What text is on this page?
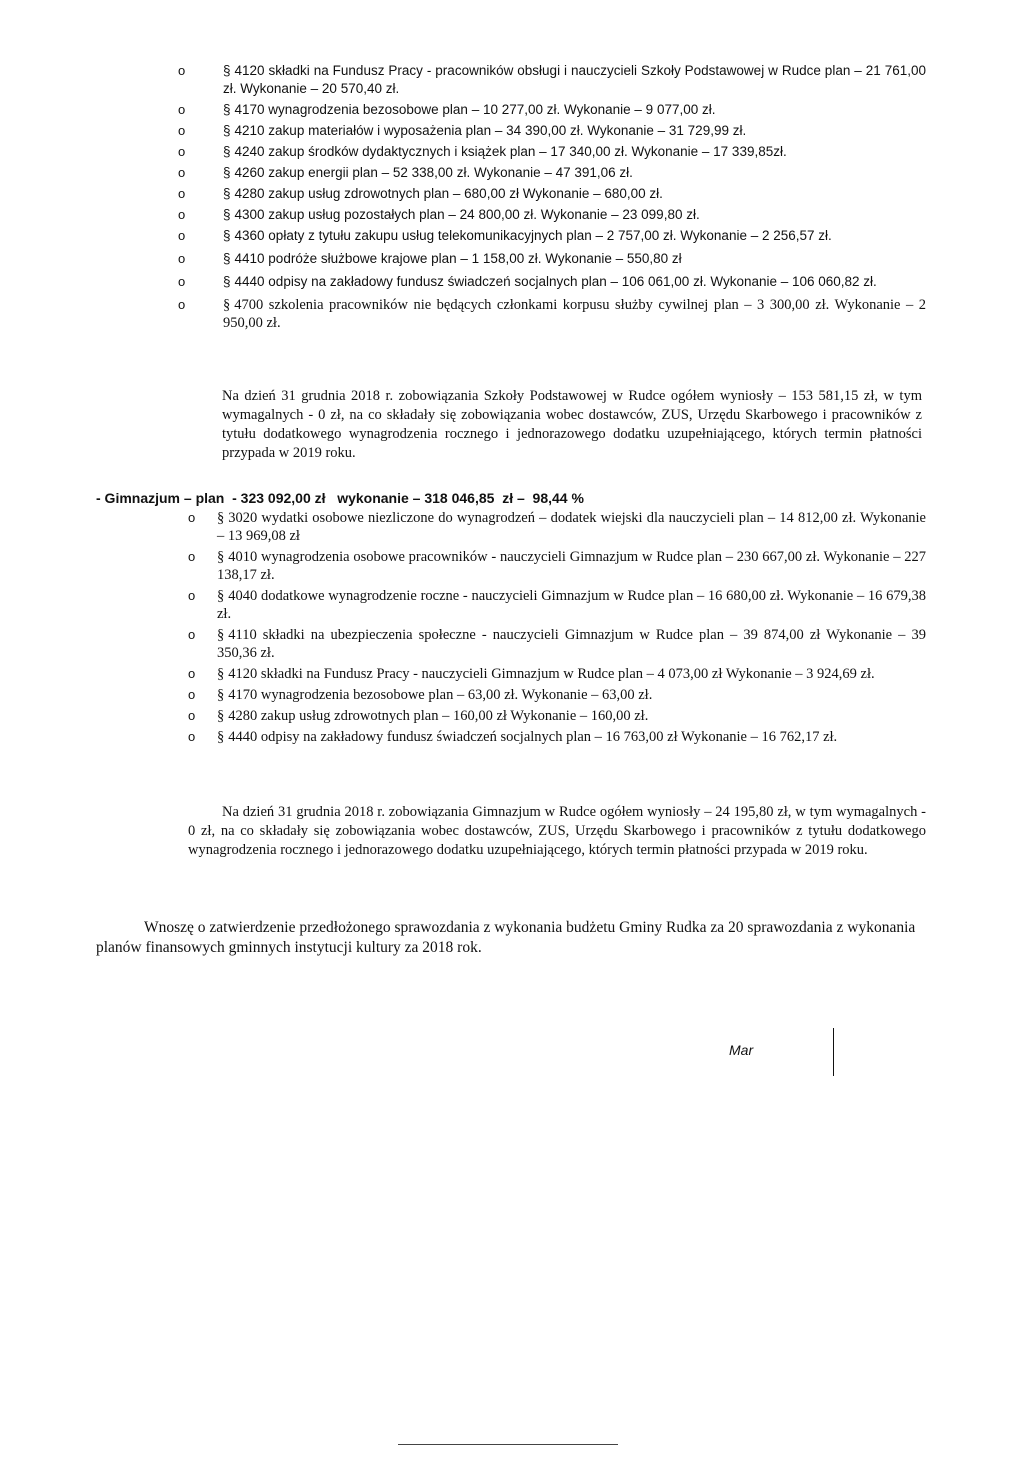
o	§ 4120 składki na Fundusz Pracy - pracowników obsługi i nauczycieli Szkoły Podstawowej w Rudce plan – 21 761,00 zł. Wykonanie – 20 570,40 zł.
o	§ 4170 wynagrodzenia bezosobowe plan – 10 277,00 zł. Wykonanie – 9 077,00 zł.
o	§ 4210 zakup materiałów i wyposażenia plan – 34 390,00 zł. Wykonanie – 31 729,99 zł.
o	§ 4240 zakup środków dydaktycznych i książek plan – 17 340,00 zł. Wykonanie – 17 339,85zł.
o	§ 4260 zakup energii plan – 52 338,00 zł. Wykonanie – 47 391,06 zł.
o	§ 4280 zakup usług zdrowotnych plan – 680,00 zł Wykonanie – 680,00 zł.
o	§ 4300 zakup usług pozostałych plan – 24 800,00 zł. Wykonanie – 23 099,80 zł.
o	§ 4360 opłaty z tytułu zakupu usług telekomunikacyjnych plan – 2 757,00 zł. Wykonanie – 2 256,57 zł.
o	§ 4410 podróże służbowe krajowe plan – 1 158,00 zł. Wykonanie – 550,80 zł
o	§ 4440 odpisy na zakładowy fundusz świadczeń socjalnych plan – 106 061,00 zł. Wykonanie – 106 060,82 zł.
o	§ 4700 szkolenia pracowników nie będących członkami korpusu służby cywilnej plan – 3 300,00 zł. Wykonanie – 2 950,00 zł.

Na dzień 31 grudnia 2018 r. zobowiązania Szkoły Podstawowej w Rudce ogółem wyniosły – 153 581,15 zł, w tym wymagalnych - 0 zł, na co składały się zobowiązania wobec dostawców, ZUS, Urzędu Skarbowego i pracowników z tytułu dodatkowego wynagrodzenia rocznego i jednorazowego dodatku uzupełniającego, których termin płatności przypada w 2019 roku.

- Gimnazjum – plan  - 323 092,00 zł   wykonanie – 318 046,85  zł –  98,44 %
o § 3020 wydatki osobowe niezliczone do wynagrodzeń – dodatek wiejski dla nauczycieli plan – 14 812,00 zł. Wykonanie – 13 969,08 zł
o § 4010 wynagrodzenia osobowe pracowników - nauczycieli Gimnazjum w Rudce plan – 230 667,00 zł. Wykonanie – 227 138,17 zł.
o § 4040 dodatkowe wynagrodzenie roczne - nauczycieli Gimnazjum w Rudce plan – 16 680,00 zł. Wykonanie – 16 679,38 zł.
o § 4110 składki na ubezpieczenia społeczne - nauczycieli Gimnazjum w Rudce plan – 39 874,00 zł Wykonanie – 39 350,36 zł.
o § 4120 składki na Fundusz Pracy - nauczycieli Gimnazjum w Rudce plan – 4 073,00 zł Wykonanie – 3 924,69 zł.
o § 4170 wynagrodzenia bezosobowe plan – 63,00 zł. Wykonanie – 63,00 zł.
o § 4280 zakup usług zdrowotnych plan – 160,00 zł Wykonanie – 160,00 zł.
o	§ 4440 odpisy na zakładowy fundusz świadczeń socjalnych plan – 16 763,00 zł Wykonanie – 16 762,17 zł.

Na dzień 31 grudnia 2018 r. zobowiązania Gimnazjum w Rudce ogółem wyniosły – 24 195,80 zł, w tym wymagalnych - 0 zł, na co składały się zobowiązania wobec dostawców, ZUS, Urzędu Skarbowego i pracowników z tytułu dodatkowego wynagrodzenia rocznego i jednorazowego dodatku uzupełniającego, których termin płatności przypada w 2019 roku.

Wnoszę o zatwierdzenie przedłożonego sprawozdania z wykonania budżetu Gminy Rudka za 20 sprawozdania z wykonania planów finansowych gminnych instytucji kultury za 2018 rok.

Mar
